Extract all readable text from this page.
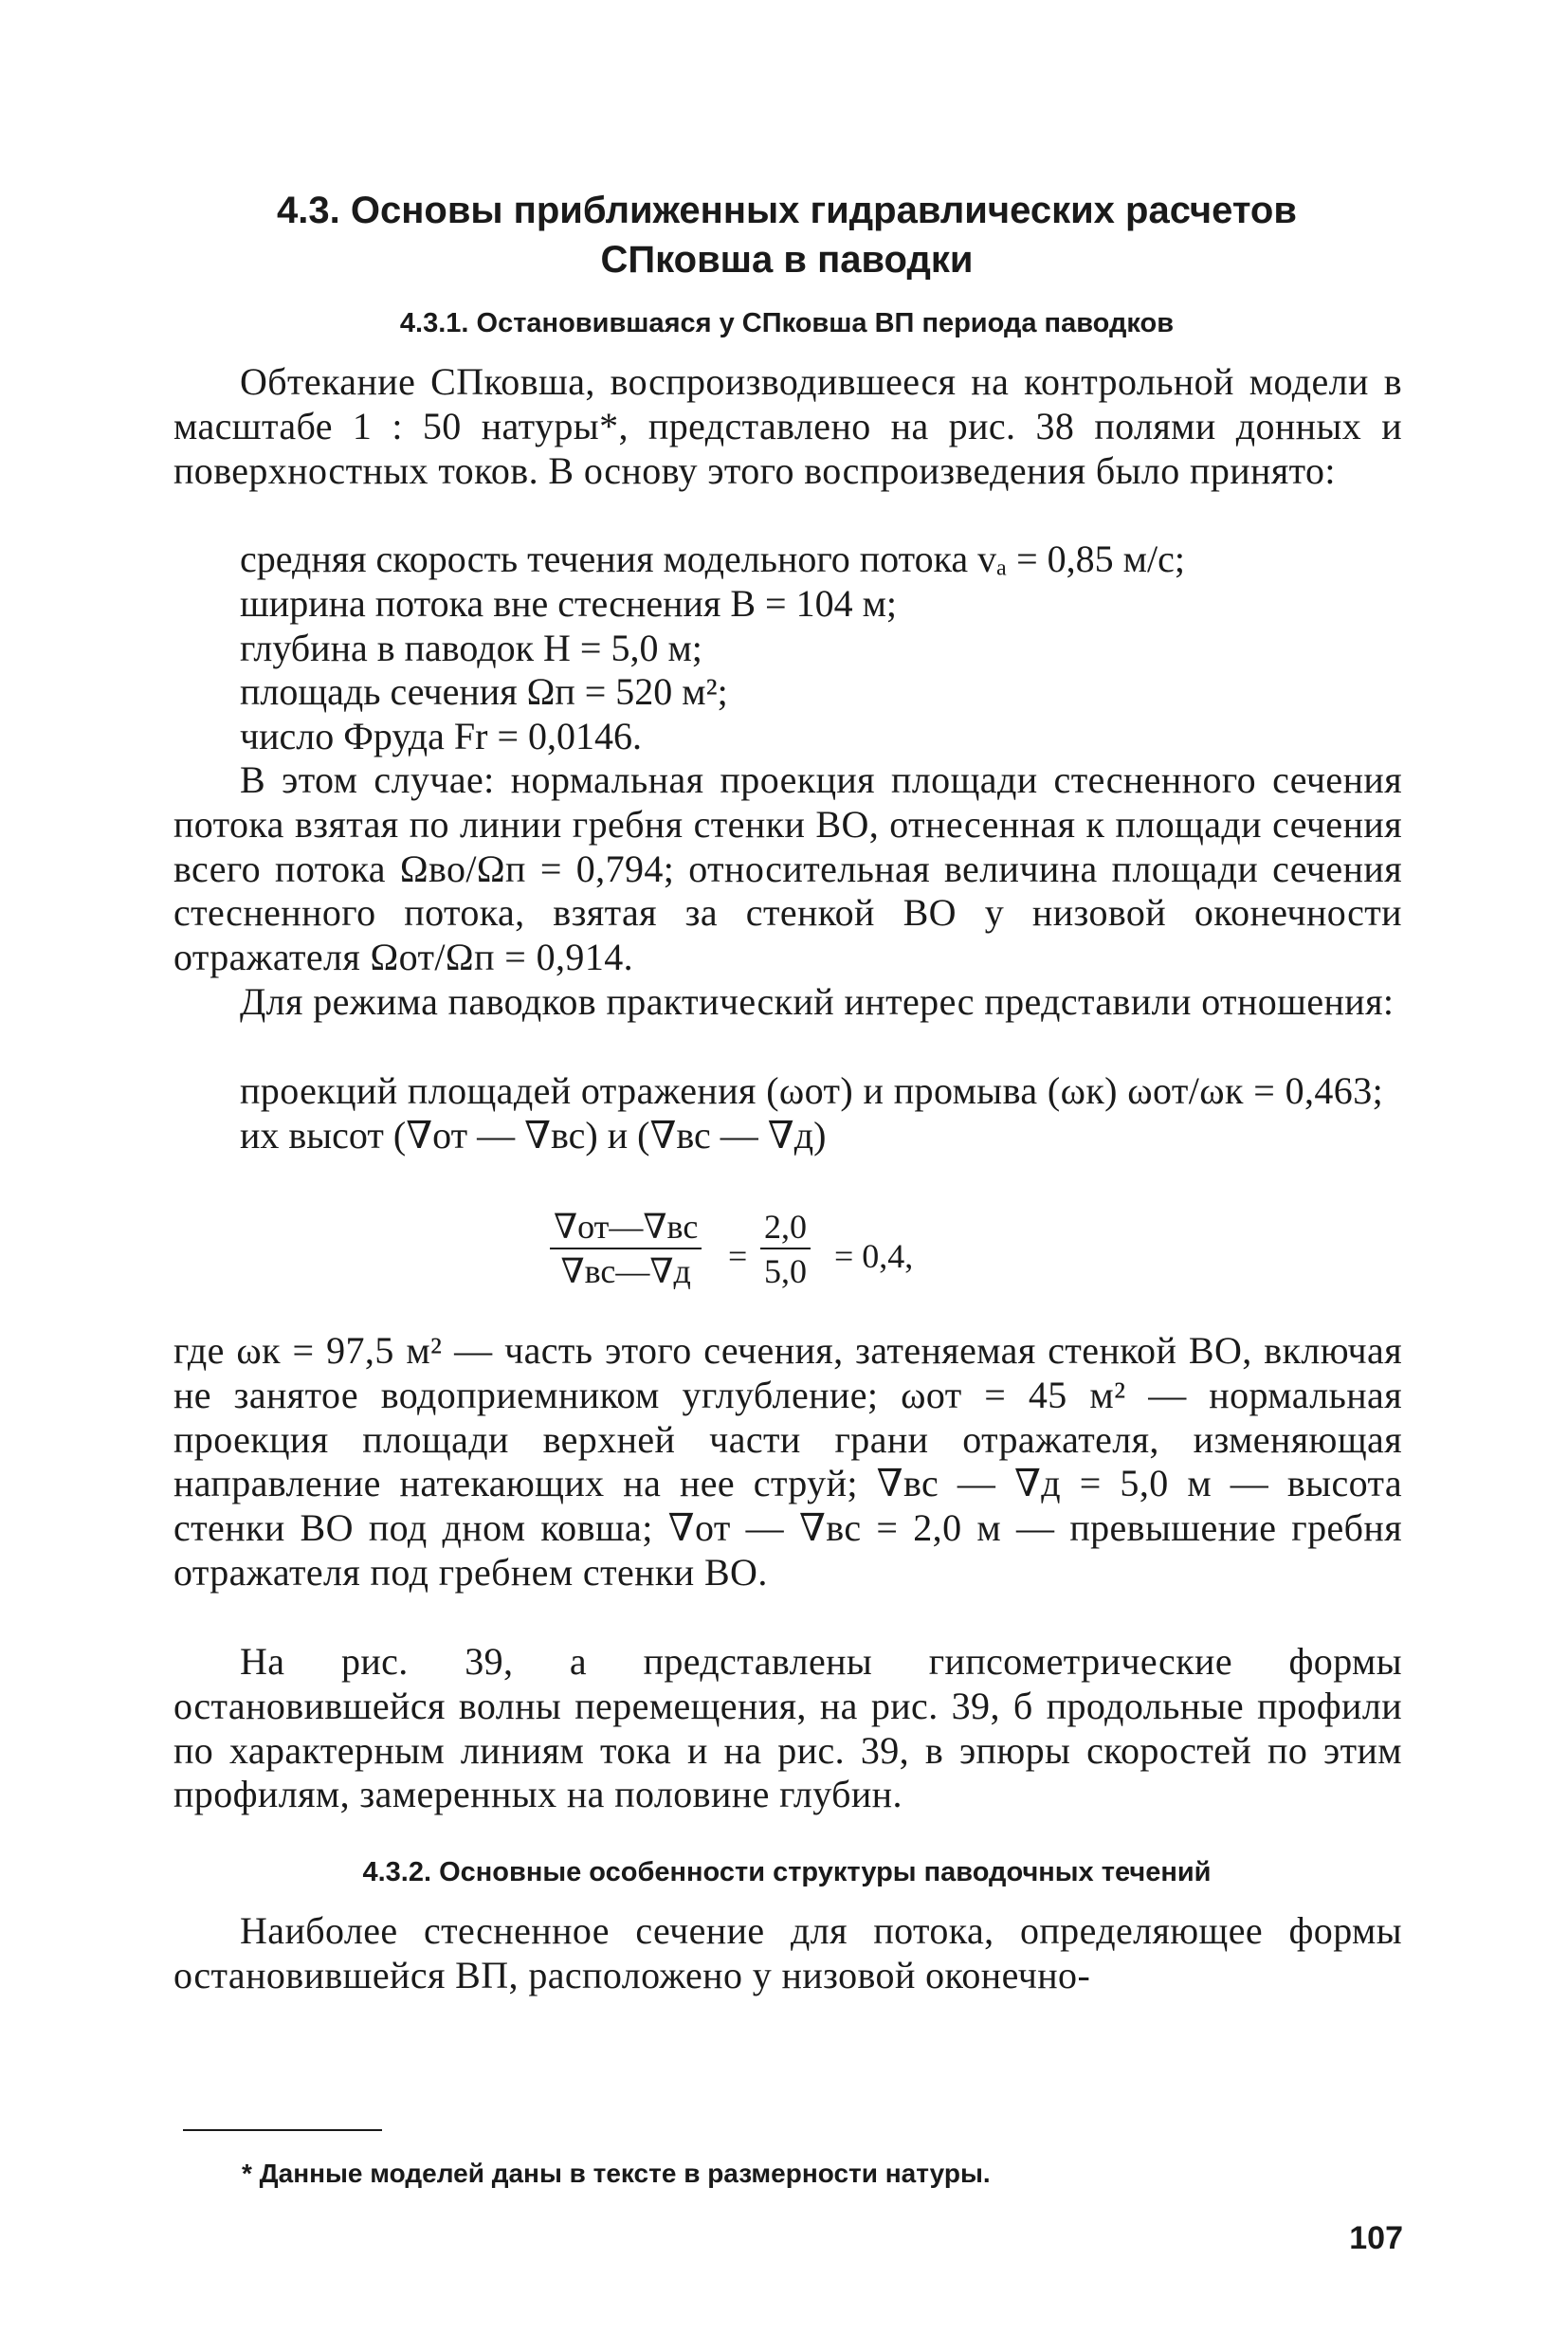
4.3. Основы приближенных гидравлических расчетов
СПковша в паводки
4.3.1. Остановившаяся у СПковша ВП периода паводков

Обтекание СПковша, воспроизводившееся на контрольной модели в масштабе 1 : 50 натуры*, представлено на рис. 38 полями донных и поверхностных токов. В основу этого воспроизведения было принято:

средняя скорость течения модельного потока vₐ = 0,85 м/с;
ширина потока вне стеснения B = 104 м;
глубина в паводок H = 5,0 м;
площадь сечения Ωп = 520 м²;
число Фруда Fr = 0,0146.

В этом случае: нормальная проекция площади стесненного сечения потока взятая по линии гребня стенки ВО, отнесенная к площади сечения всего потока Ωво/Ωп = 0,794; относительная величина площади сечения стесненного потока, взятая за стенкой ВО у низовой оконечности отражателя Ωот/Ωп = 0,914.

Для режима паводков практический интерес представили отношения:

проекций площадей отражения (ωот) и промыва (ωк) ωот/ωк = 0,463;

их высот (∇от — ∇вс) и (∇вс — ∇д)
∇от—∇вс
∇вс—∇д	= $\frac{2,0}{5,0} = 0,4$,

где ωк = 97,5 м² — часть этого сечения, затеняемая стенкой ВО, включая не занятое водоприемником углубление; ωот = 45 м² — нормальная проекция площади верхней части грани отражателя, изменяющая направление натекающих на нее струй; ∇вс — ∇д = 5,0 м — высота стенки ВО под дном ковша; ∇от — ∇вс = 2,0 м — превышение гребня отражателя под гребнем стенки ВО.

На рис. 39, а представлены гипсометрические формы остановившейся волны перемещения, на рис. 39, б продольные профили по характерным линиям тока и на рис. 39, в эпюры скоростей по этим профилям, замеренных на половине глубин.

4.3.2. Основные особенности структуры паводочных течений

Наиболее стесненное сечение для потока, определяющее формы остановившейся ВП, расположено у низовой оконечно-

* Данные моделей даны в тексте в размерности натуры.
107
